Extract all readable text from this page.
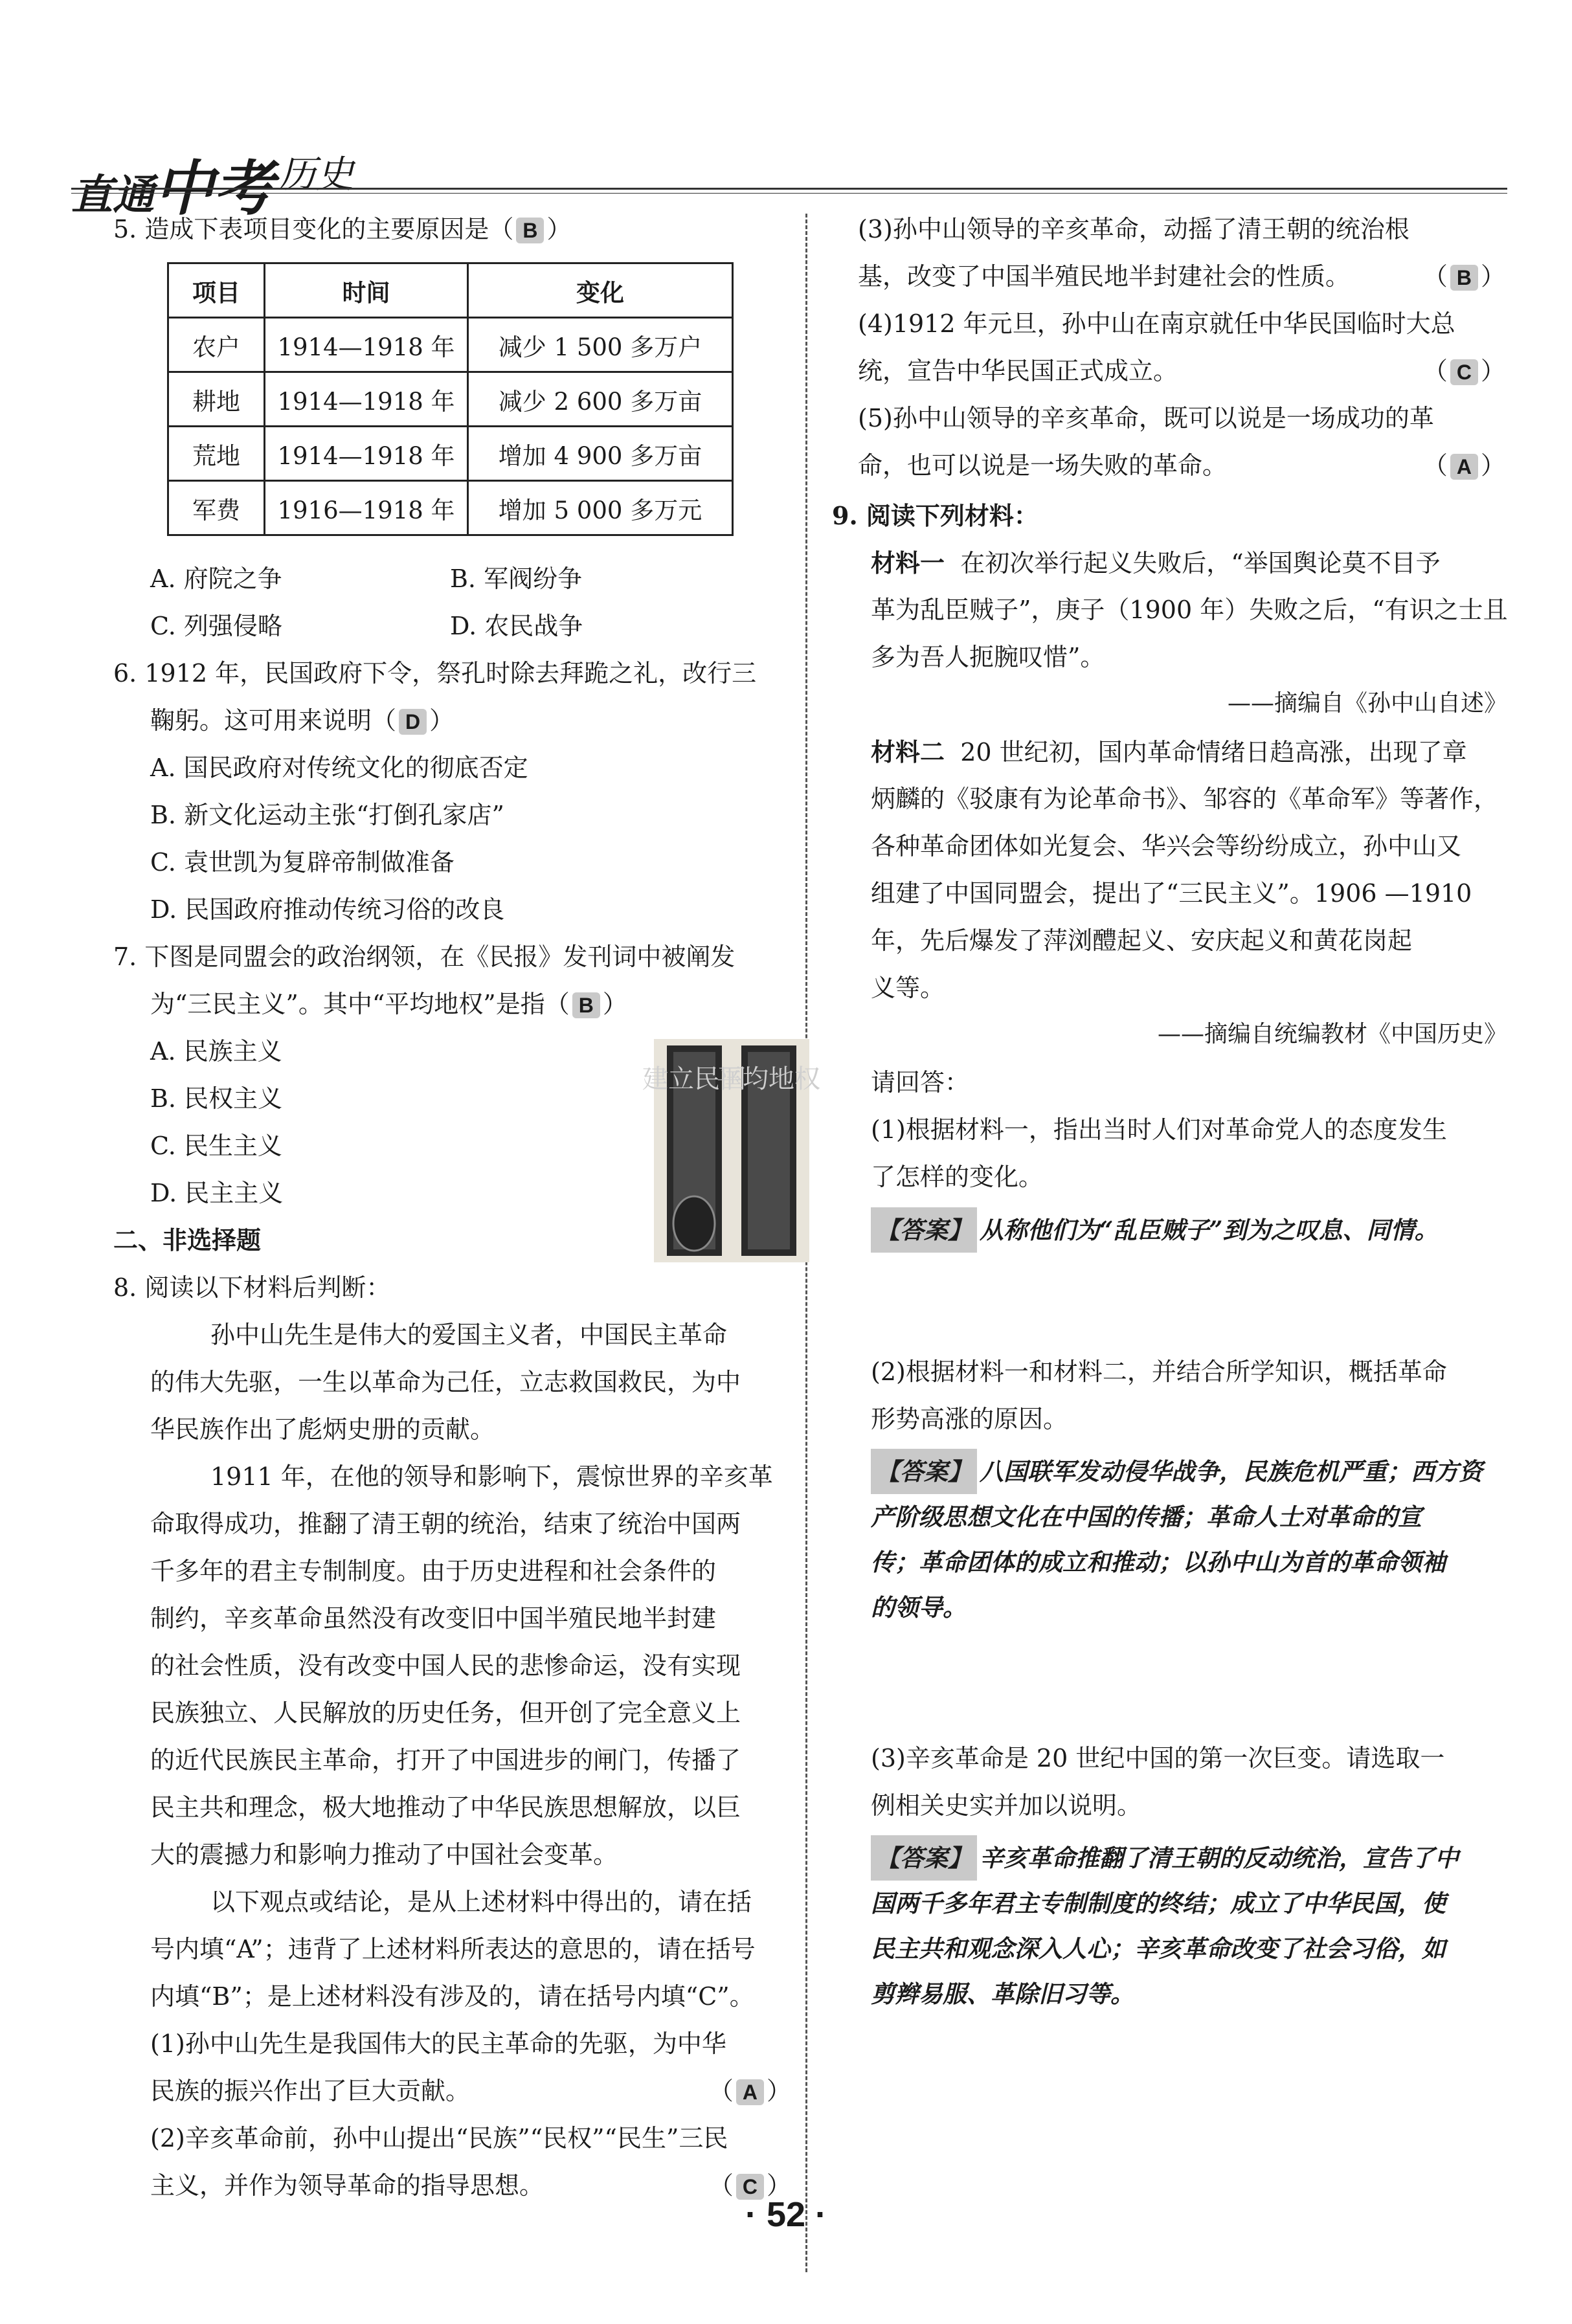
直通中考 历史
5. 造成下表项目变化的主要原因是（ B ）
项目	时间	变化
农户	1914—1918 年	减少 1 500 多万户
耕地	1914—1918 年	减少 2 600 多万亩
荒地	1914—1918 年	增加 4 900 多万亩
军费	1916—1918 年	增加 5 000 多万元
A. 府院之争	B. 军阀纷争
C. 列强侵略	D. 农民战争
6. 1912 年，民国政府下令，祭孔时除去拜跪之礼，改行三
鞠躬。这可用来说明（ D ）
A. 国民政府对传统文化的彻底否定
B. 新文化运动主张“打倒孔家店”
C. 袁世凯为复辟帝制做准备
D. 民国政府推动传统习俗的改良
7. 下图是同盟会的政治纲领，在《民报》发刊词中被阐发
为“三民主义”。其中“平均地权”是指（ B ）
A. 民族主义
B. 民权主义
C. 民生主义
D. 民主主义
建立民国
平均地权
二、非选择题
8. 阅读以下材料后判断：
孙中山先生是伟大的爱国主义者，中国民主革命
的伟大先驱，一生以革命为己任，立志救国救民，为中
华民族作出了彪炳史册的贡献。
1911 年，在他的领导和影响下，震惊世界的辛亥革
命取得成功，推翻了清王朝的统治，结束了统治中国两
千多年的君主专制制度。由于历史进程和社会条件的
制约，辛亥革命虽然没有改变旧中国半殖民地半封建
的社会性质，没有改变中国人民的悲惨命运，没有实现
民族独立、人民解放的历史任务，但开创了完全意义上
的近代民族民主革命，打开了中国进步的闸门，传播了
民主共和理念，极大地推动了中华民族思想解放，以巨
大的震撼力和影响力推动了中国社会变革。
以下观点或结论，是从上述材料中得出的，请在括
号内填“A”；违背了上述材料所表达的意思的，请在括号
内填“B”；是上述材料没有涉及的，请在括号内填“C”。
(1)孙中山先生是我国伟大的民主革命的先驱，为中华
民族的振兴作出了巨大贡献。	（ A ）
(2)辛亥革命前，孙中山提出“民族”“民权”“民生”三民
主义，并作为领导革命的指导思想。	（ C ）
(3)孙中山领导的辛亥革命，动摇了清王朝的统治根
基，改变了中国半殖民地半封建社会的性质。	（ B ）
(4)1912 年元旦，孙中山在南京就任中华民国临时大总
统，宣告中华民国正式成立。	（ C ）
(5)孙中山领导的辛亥革命，既可以说是一场成功的革
命，也可以说是一场失败的革命。	（ A ）
9. 阅读下列材料：
材料一 在初次举行起义失败后，“举国舆论莫不目予
革为乱臣贼子”，庚子（1900 年）失败之后，“有识之士且
多为吾人扼腕叹惜”。
——摘编自《孙中山自述》
材料二 20 世纪初，国内革命情绪日趋高涨，出现了章
炳麟的《驳康有为论革命书》、邹容的《革命军》等著作，
各种革命团体如光复会、华兴会等纷纷成立，孙中山又
组建了中国同盟会，提出了“三民主义”。1906 —1910
年，先后爆发了萍浏醴起义、安庆起义和黄花岗起
义等。
——摘编自统编教材《中国历史》
请回答：
(1)根据材料一，指出当时人们对革命党人的态度发生
了怎样的变化。
【答案】 从称他们为“乱臣贼子”到为之叹息、同情。
(2)根据材料一和材料二，并结合所学知识，概括革命
形势高涨的原因。
【答案】 八国联军发动侵华战争，民族危机严重；西方资
产阶级思想文化在中国的传播；革命人士对革命的宣
传；革命团体的成立和推动；以孙中山为首的革命领袖
的领导。
(3)辛亥革命是 20 世纪中国的第一次巨变。请选取一
例相关史实并加以说明。
【答案】 辛亥革命推翻了清王朝的反动统治，宣告了中
国两千多年君主专制制度的终结；成立了中华民国，使
民主共和观念深入人心；辛亥革命改变了社会习俗，如
剪辫易服、革除旧习等。
· 52 ·
